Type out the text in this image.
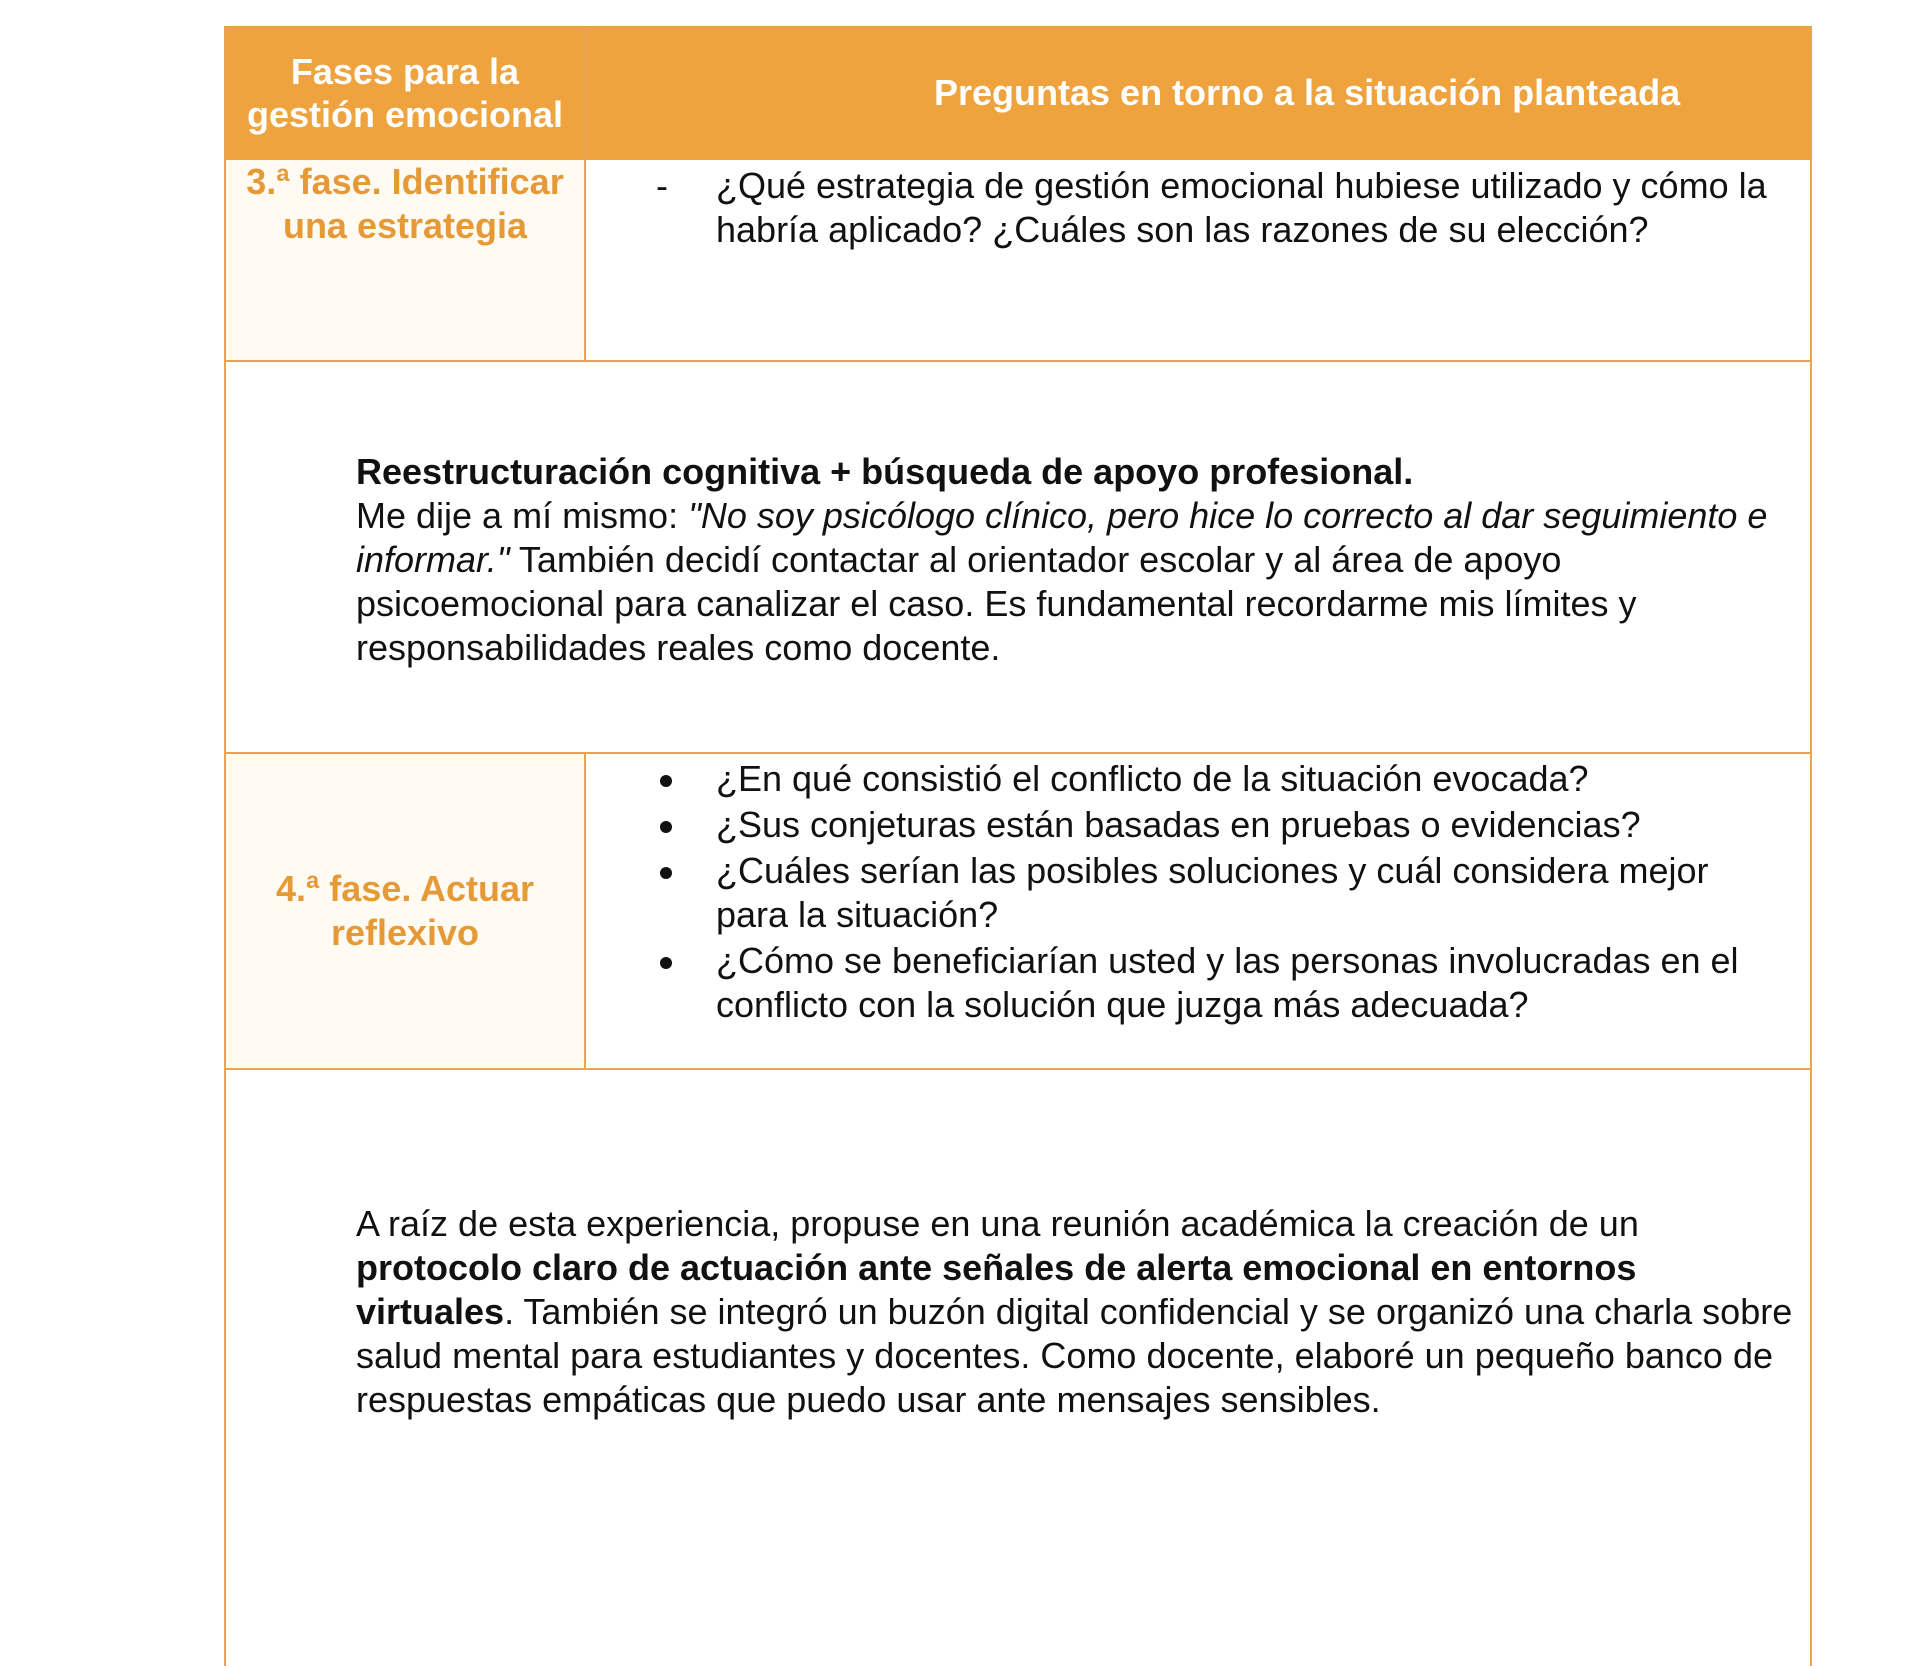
Fases para la gestión emocional
Preguntas en torno a la situación planteada
3.ª fase. Identificar una estrategia
- ¿Qué estrategia de gestión emocional hubiese utilizado y cómo la habría aplicado? ¿Cuáles son las razones de su elección?
Reestructuración cognitiva + búsqueda de apoyo profesional.
Me dije a mí mismo: "No soy psicólogo clínico, pero hice lo correcto al dar seguimiento e informar." También decidí contactar al orientador escolar y al área de apoyo psicoemocional para canalizar el caso. Es fundamental recordarme mis límites y responsabilidades reales como docente.
4.ª fase. Actuar reflexivo
¿En qué consistió el conflicto de la situación evocada?
¿Sus conjeturas están basadas en pruebas o evidencias?
¿Cuáles serían las posibles soluciones y cuál considera mejor para la situación?
¿Cómo se beneficiarían usted y las personas involucradas en el conflicto con la solución que juzga más adecuada?
A raíz de esta experiencia, propuse en una reunión académica la creación de un protocolo claro de actuación ante señales de alerta emocional en entornos virtuales. También se integró un buzón digital confidencial y se organizó una charla sobre salud mental para estudiantes y docentes. Como docente, elaboré un pequeño banco de respuestas empáticas que puedo usar ante mensajes sensibles.
